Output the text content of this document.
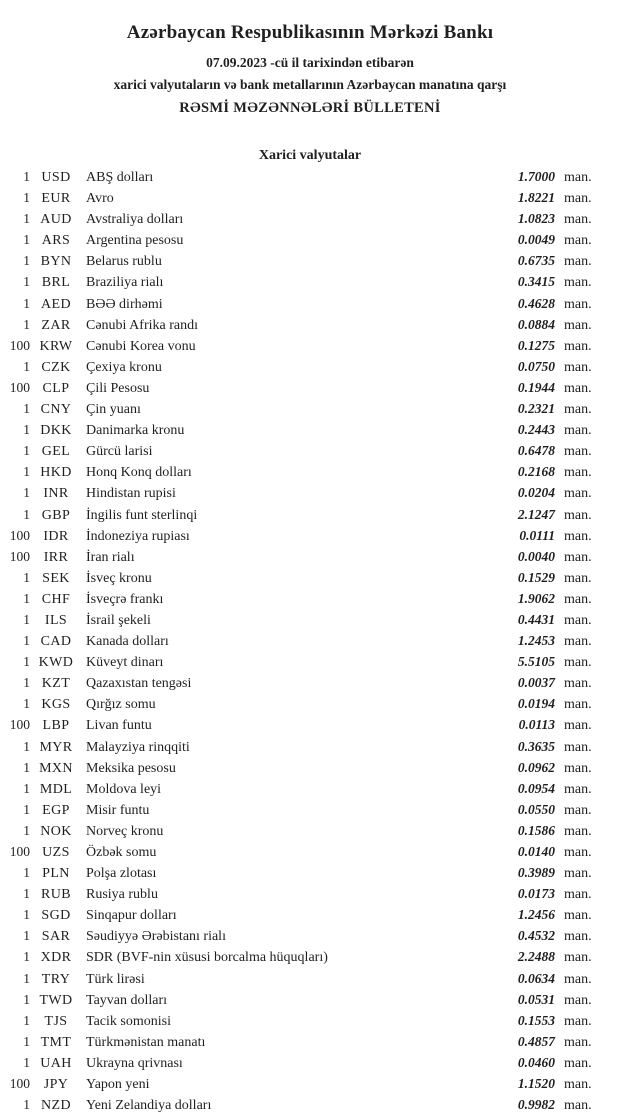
Azərbaycan Respublikasının Mərkəzi Bankı
07.09.2023 -cü il tarixindən etibarən
xarici valyutaların və bank metallarının Azərbaycan manatına qarşı
RƏSMİ MƏZƏNNƏLƏRİ BÜLLETENİ
Xarici valyutalar
1 USD	ABŞ dolları	1.7000 man.
1 EUR	Avro	1.8221 man.
1 AUD	Avstraliya dolları	1.0823 man.
1 ARS	Argentina pesosu	0.0049 man.
1 BYN	Belarus rublu	0.6735 man.
1 BRL	Braziliya rialı	0.3415 man.
1 AED	BƏƏ dirhəmi	0.4628 man.
1 ZAR	Cənubi Afrika randı	0.0884 man.
100 KRW Cənubi Korea vonu	0.1275 man.
1 CZK	Çexiya kronu	0.0750 man.
100 CLP	Çili Pesosu	0.1944 man.
1 CNY	Çin yuanı	0.2321 man.
1 DKK	Danimarka kronu	0.2443 man.
1 GEL	Gürcü larisi	0.6478 man.
1 HKD	Honq Konq dolları	0.2168 man.
1 INR	Hindistan rupisi	0.0204 man.
1 GBP	İngilis funt sterlinqi	2.1247 man.
100 IDR	İndoneziya rupiası	0.0111 man.
100 IRR	İran rialı	0.0040 man.
1 SEK	İsveç kronu	0.1529 man.
1 CHF	İsveçrə frankı	1.9062 man.
1	ILS	İsrail şekeli	0.4431 man.
1 CAD	Kanada dolları	1.2453 man.
1 KWD Küveyt dinarı	5.5105 man.
1 KZT	Qazaxıstan tengəsi	0.0037 man.
1 KGS	Qırğız somu	0.0194 man.
100 LBP	Livan funtu	0.0113 man.
1 MYR Malayziya rinqqiti	0.3635 man.
1 MXN Meksika pesosu	0.0962 man.
1 MDL Moldova leyi	0.0954 man.
1 EGP	Misir funtu	0.0550 man.
1 NOK	Norveç kronu	0.1586 man.
100 UZS	Özbək somu	0.0140 man.
1 PLN	Polşa zlotası	0.3989 man.
1 RUB	Rusiya rublu	0.0173 man.
1 SGD	Sinqapur dolları	1.2456 man.
1 SAR	Səudiyyə Ərəbistanı rialı	0.4532 man.
1 XDR	SDR (BVF-nin xüsusi borcalma hüquqları)	2.2488 man.
1 TRY	Türk lirəsi	0.0634 man.
1 TWD Tayvan dolları	0.0531 man.
1	TJS	Tacik somonisi	0.1553 man.
1 TMT	Türkmənistan manatı	0.4857 man.
1 UAH	Ukrayna qrivnası	0.0460 man.
100 JPY	Yapon yeni	1.1520 man.
1 NZD	Yeni Zelandiya dolları	0.9982 man.
